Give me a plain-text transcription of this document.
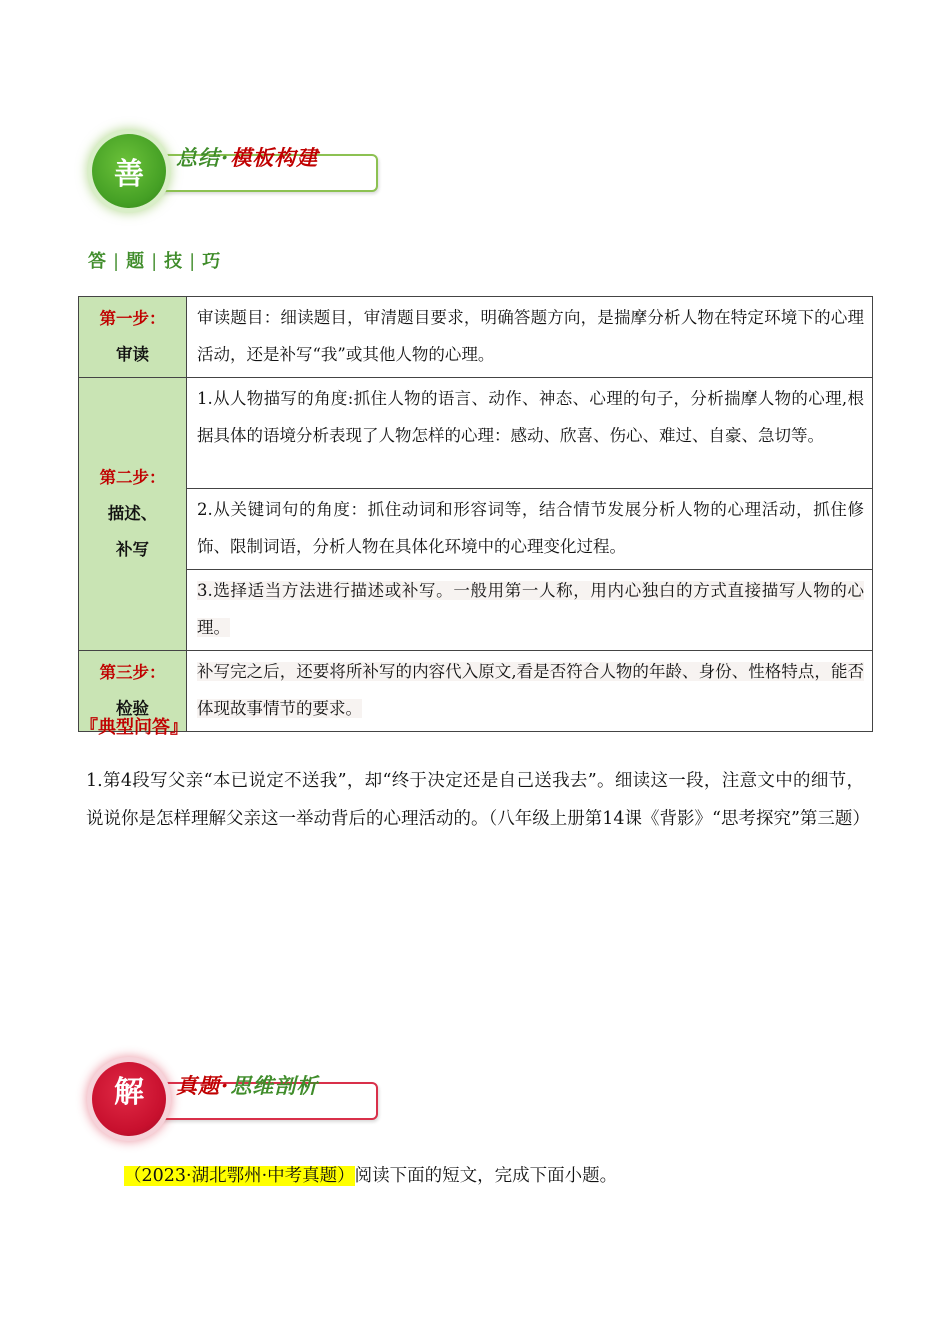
善 总结·模板构建
答 | 题 | 技 | 巧
第一步：
审读	审读题目：细读题目，审清题目要求，明确答题方向，是揣摩分析人物在特定环境下的心理活动，还是补写“我”或其他人物的心理。

第二步：
描述、补写	1.从人物描写的角度:抓住人物的语言、动作、神态、心理的句子，分析揣摩人物的心理,根据具体的语境分析表现了人物怎样的心理：感动、欣喜、伤心、难过、自豪、急切等。
	2.从关键词句的角度：抓住动词和形容词等，结合情节发展分析人物的心理活动，抓住修饰、限制词语，分析人物在具体化环境中的心理变化过程。
	3.选择适当方法进行描述或补写。一般用第一人称，用内心独白的方式直接描写人物的心理。

第三步：
检验	补写完之后，还要将所补写的内容代入原文,看是否符合人物的年龄、身份、性格特点，能否体现故事情节的要求。
『典型问答』
1.第4段写父亲“本已说定不送我”，却“终于决定还是自己送我去”。细读这一段，注意文中的细节，说说你是怎样理解父亲这一举动背后的心理活动的。（八年级上册第14课《背影》“思考探究”第三题）
解 真题·思维剖析
（2023·湖北鄂州·中考真题）阅读下面的短文，完成下面小题。
